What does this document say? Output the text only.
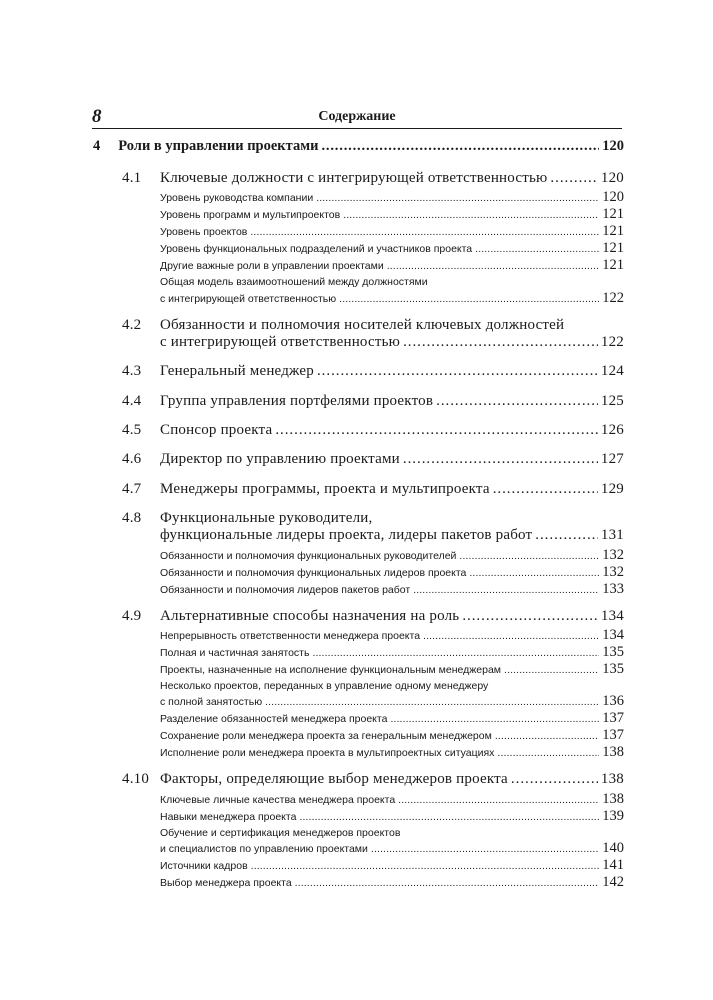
8	Содержание
4 Роли в управлении проектами . . .	120
4.1 Ключевые должности с интегрирующей ответственностью . . .	120
Уровень руководства компании . . .	120
Уровень программ и мультипроектов . . .	121
Уровень проектов . . .	121
Уровень функциональных подразделений и участников проекта . . .	121
Другие важные роли в управлении проектами . . .	121
Общая модель взаимоотношений между должностями
с интегрирующей ответственностью . . .	122
4.2 Обязанности и полномочия носителей ключевых должностей
с интегрирующей ответственностью . . .	122
4.3 Генеральный менеджер . . .	124
4.4 Группа управления портфелями проектов . . .	125
4.5 Спонсор проекта . . .	126
4.6 Директор по управлению проектами . . .	127
4.7 Менеджеры программы, проекта и мультипроекта . . .	129
4.8 Функциональные руководители,
функциональные лидеры проекта, лидеры пакетов работ . . .	131
Обязанности и полномочия функциональных руководителей . . .	132
Обязанности и полномочия функциональных лидеров проекта . . .	132
Обязанности и полномочия лидеров пакетов работ . . .	133
4.9 Альтернативные способы назначения на роль . . .	134
Непрерывность ответственности менеджера проекта . . .	134
Полная и частичная занятость . . .	135
Проекты, назначенные на исполнение функциональным менеджерам . . .	135
Несколько проектов, переданных в управление одному менеджеру
с полной занятостью . . .	136
Разделение обязанностей менеджера проекта . . .	137
Сохранение роли менеджера проекта за генеральным менеджером . . .	137
Исполнение роли менеджера проекта в мультипроектных ситуациях . . .	138
4.10 Факторы, определяющие выбор менеджеров проекта . . .	138
Ключевые личные качества менеджера проекта . . .	138
Навыки менеджера проекта . . .	139
Обучение и сертификация менеджеров проектов
и специалистов по управлению проектами . . .	140
Источники кадров . . .	141
Выбор менеджера проекта . . .	142
